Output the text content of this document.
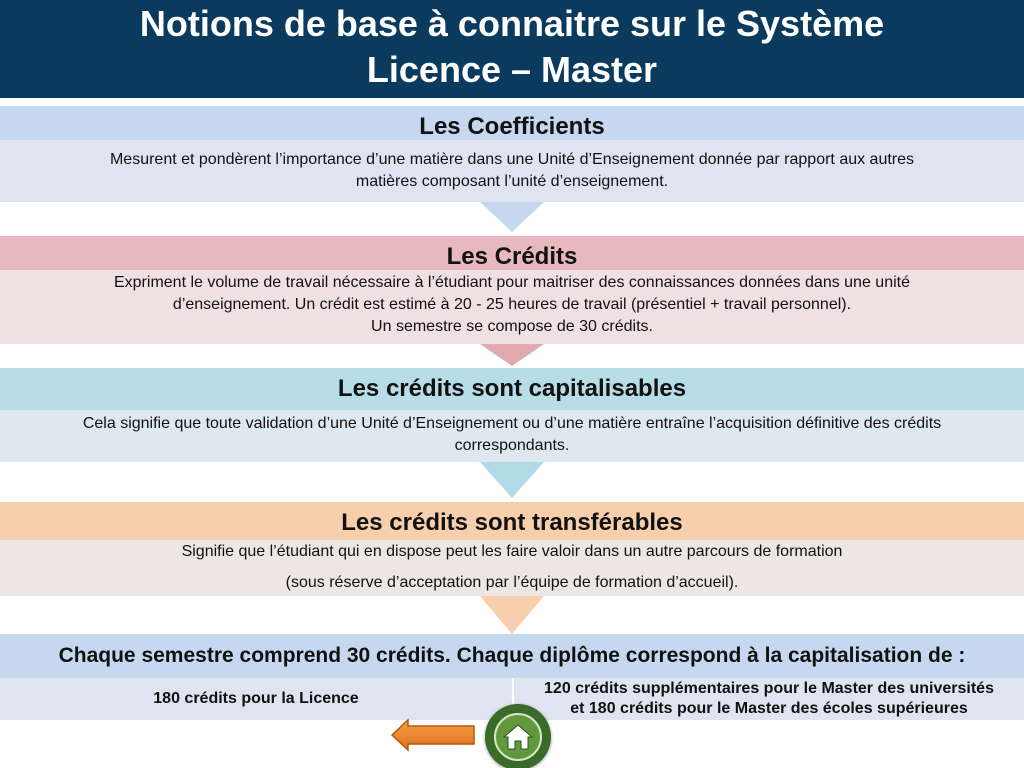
Notions de base à connaitre sur le Système
Licence – Master
Les Coefficients
Mesurent et pondèrent l’importance d’une matière dans une Unité d’Enseignement donnée par rapport aux autres
matières composant l’unité d’enseignement.
Les Crédits
Expriment le volume de travail nécessaire à l’étudiant pour maitriser des connaissances données dans une unité
d’enseignement. Un crédit est estimé à 20 - 25 heures de travail (présentiel + travail personnel).
Un semestre se compose de 30 crédits.
Les crédits sont capitalisables
Cela signifie que toute validation d’une Unité d’Enseignement ou d’une matière entraîne l’acquisition définitive des crédits
correspondants.
Les crédits sont transférables
Signifie que l’étudiant qui en dispose peut les faire valoir dans un autre parcours de formation
(sous réserve d’acceptation par l’équipe de formation d’accueil).
Chaque semestre comprend 30 crédits. Chaque diplôme correspond à la capitalisation de :
180 crédits pour la Licence
120 crédits supplémentaires pour le Master des universités
et 180 crédits pour le Master des écoles supérieures
